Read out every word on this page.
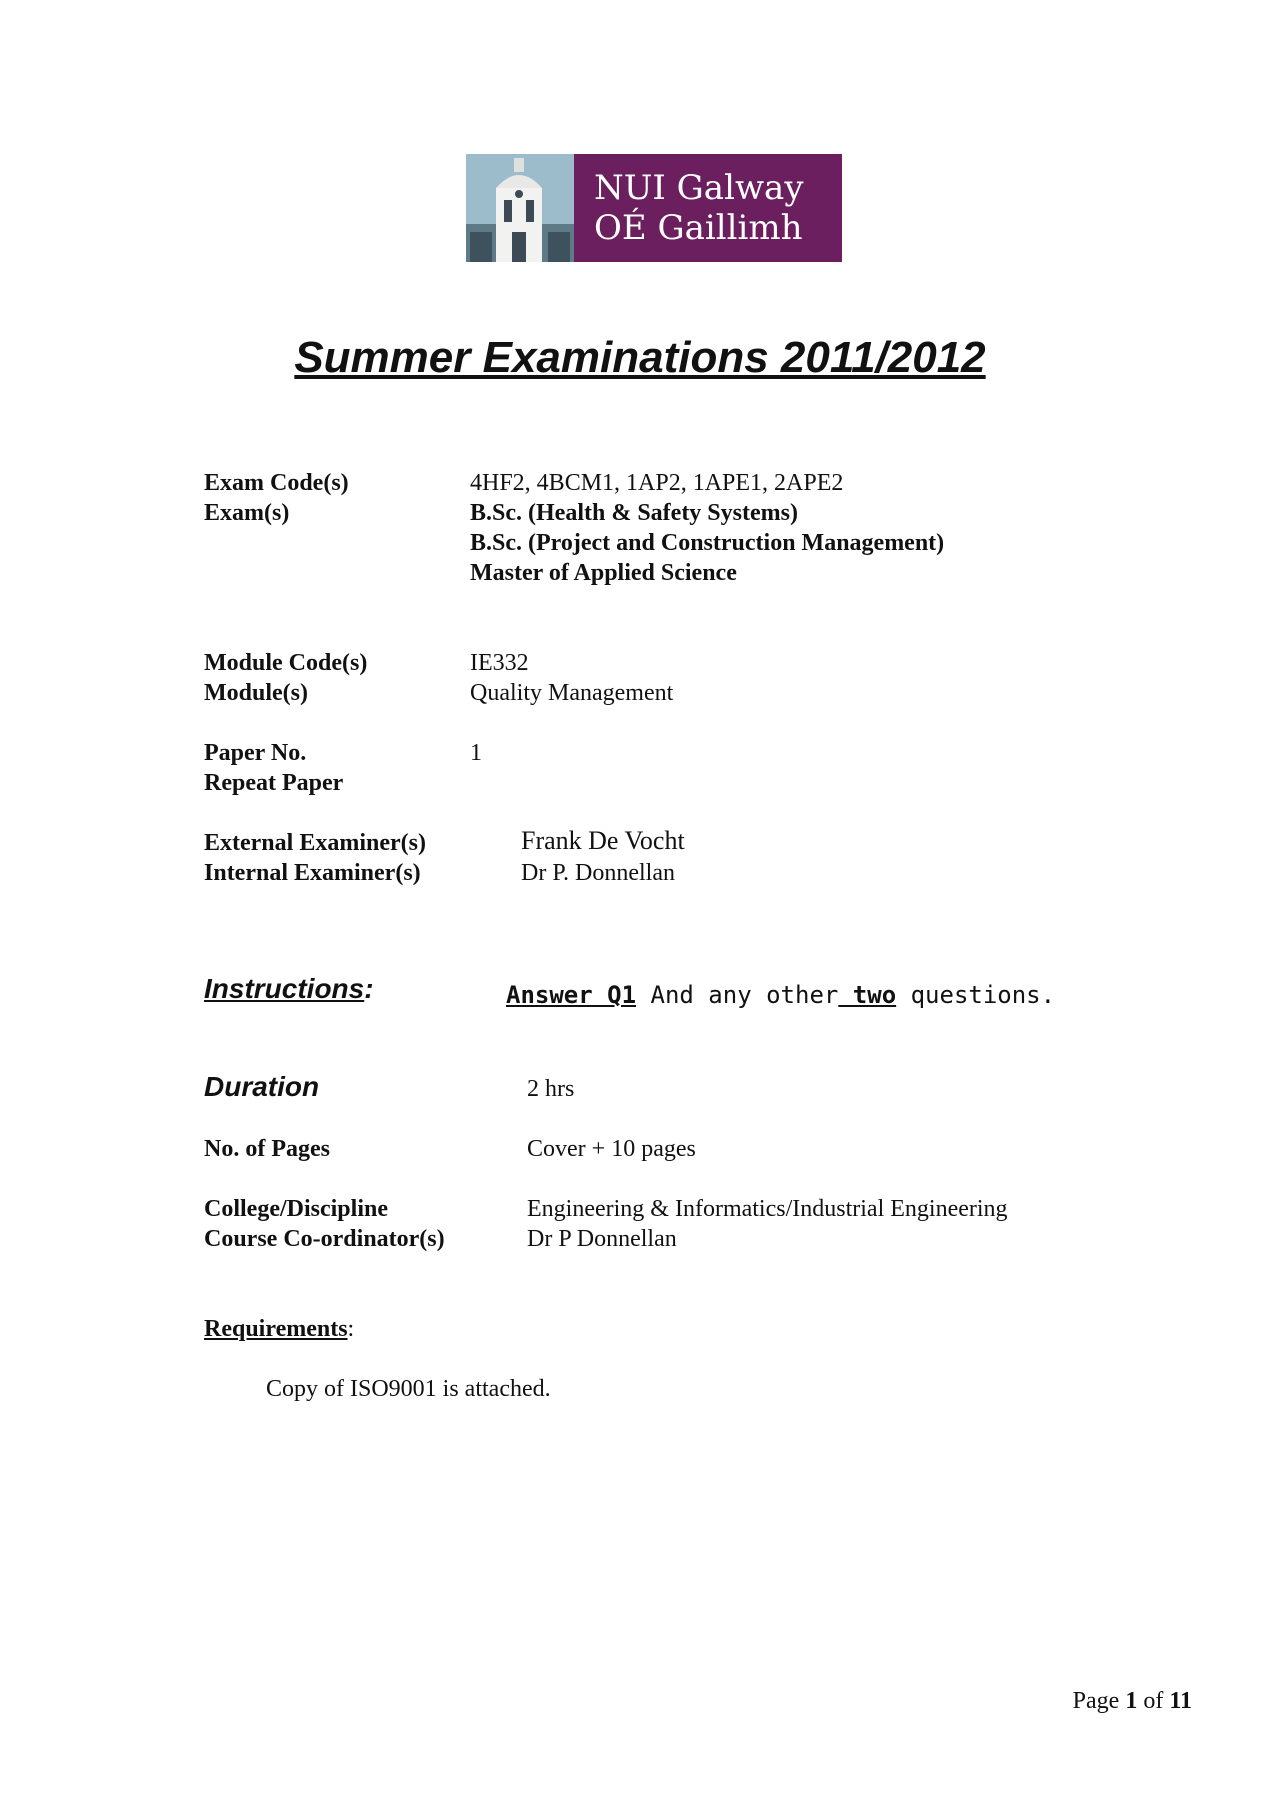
NUI Galway
OÉ Gaillimh
Summer Examinations 2011/2012
Exam Code(s)	4HF2, 4BCM1, 1AP2, 1APE1, 2APE2
Exam(s)	B.Sc. (Health & Safety Systems)
B.Sc. (Project and Construction Management)
Master of Applied Science
Module Code(s)	IE332
Module(s)	Quality Management
Paper No.	1
Repeat Paper
External Examiner(s)	Frank De Vocht
Internal Examiner(s)	Dr P. Donnellan
Instructions:	Answer Q1 And any other two questions.
Duration	2 hrs
No. of Pages	Cover + 10 pages
College/Discipline	Engineering & Informatics/Industrial Engineering
Course Co-ordinator(s)	Dr P Donnellan
Requirements:
Copy of ISO9001 is attached.
Page 1 of 11
